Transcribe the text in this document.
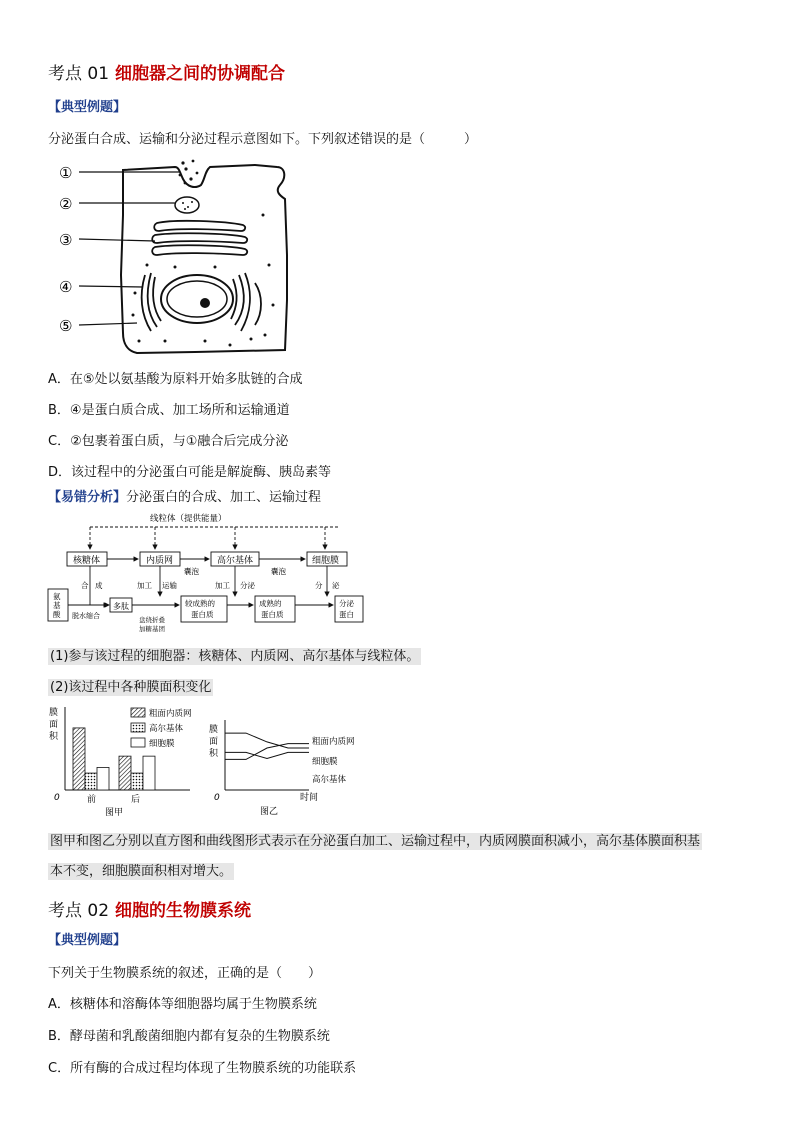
考点 01 细胞器之间的协调配合
【典型例题】
分泌蛋白合成、运输和分泌过程示意图如下。下列叙述错误的是（　　　）
①
②
③
④
⑤
A．在⑤处以氨基酸为原料开始多肽链的合成
B．④是蛋白质合成、加工场所和运输通道
C．②包裹着蛋白质，与①融合后完成分泌
D．该过程中的分泌蛋白可能是解旋酶、胰岛素等
【易错分析】分泌蛋白的合成、加工、运输过程
线粒体（提供能量）
核糖体	内质网	高尔基体	细胞膜
囊泡	囊泡
合 成	加工 运输	加工 分泌	分 泌
氨
基
酸 脱水缩合
多肽
盘绕折叠
加糖基团
较成熟的
蛋白质
成熟的
蛋白质
分泌
蛋白
(1)参与该过程的细胞器：核糖体、内质网、高尔基体与线粒体。
(2)该过程中各种膜面积变化
膜
面
积
0
粗面内质网
高尔基体
细胞膜
前	后
图甲
膜
面
积
0
粗面内质网
细胞膜
高尔基体
时间
图乙
图甲和图乙分别以直方图和曲线图形式表示在分泌蛋白加工、运输过程中，内质网膜面积减小，高尔基体膜面积基
本不变，细胞膜面积相对增大。
考点 02 细胞的生物膜系统
【典型例题】
下列关于生物膜系统的叙述，正确的是（　　）
A．核糖体和溶酶体等细胞器均属于生物膜系统
B．酵母菌和乳酸菌细胞内都有复杂的生物膜系统
C．所有酶的合成过程均体现了生物膜系统的功能联系
